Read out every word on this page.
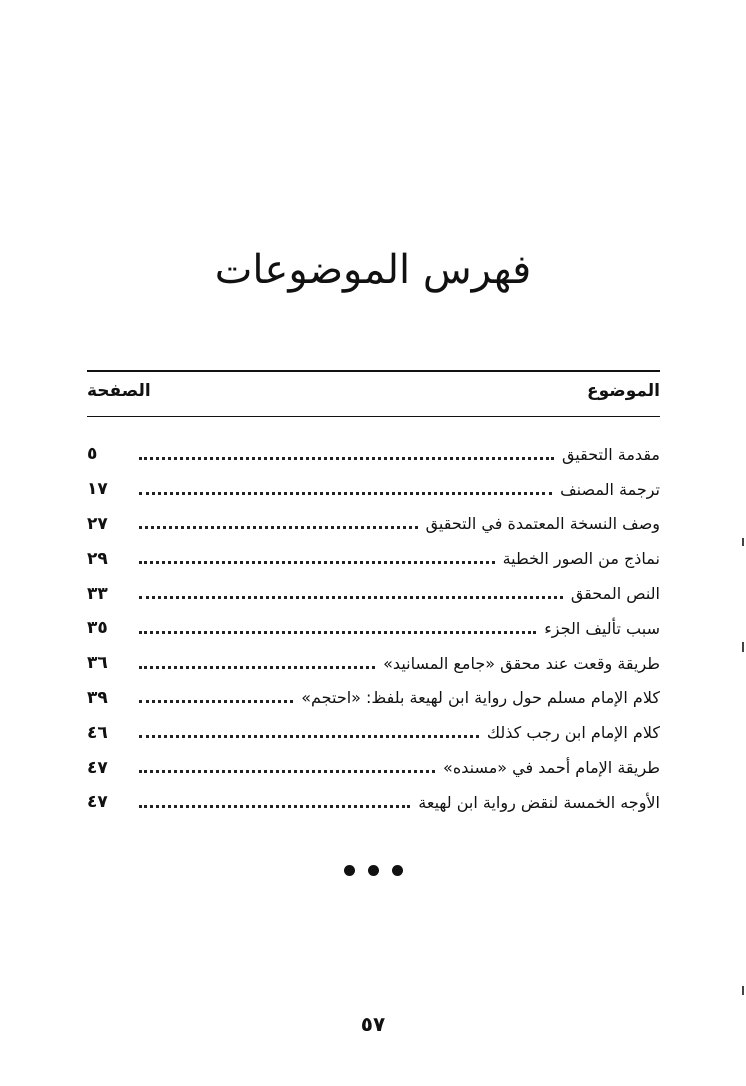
فهرس الموضوعات
الموضوع
الصفحة
مقدمة التحقيق
٥
ترجمة المصنف
١٧
وصف النسخة المعتمدة في التحقيق
٢٧
نماذج من الصور الخطية
٢٩
النص المحقق
٣٣
سبب تأليف الجزء
٣٥
طريقة وقعت عند محقق «جامع المسانيد»
٣٦
كلام الإمام مسلم حول رواية ابن لهيعة بلفظ: «احتجم»
٣٩
كلام الإمام ابن رجب كذلك
٤٦
طريقة الإمام أحمد في «مسنده»
٤٧
الأوجه الخمسة لنقض رواية ابن لهيعة
٤٧
٥٧
